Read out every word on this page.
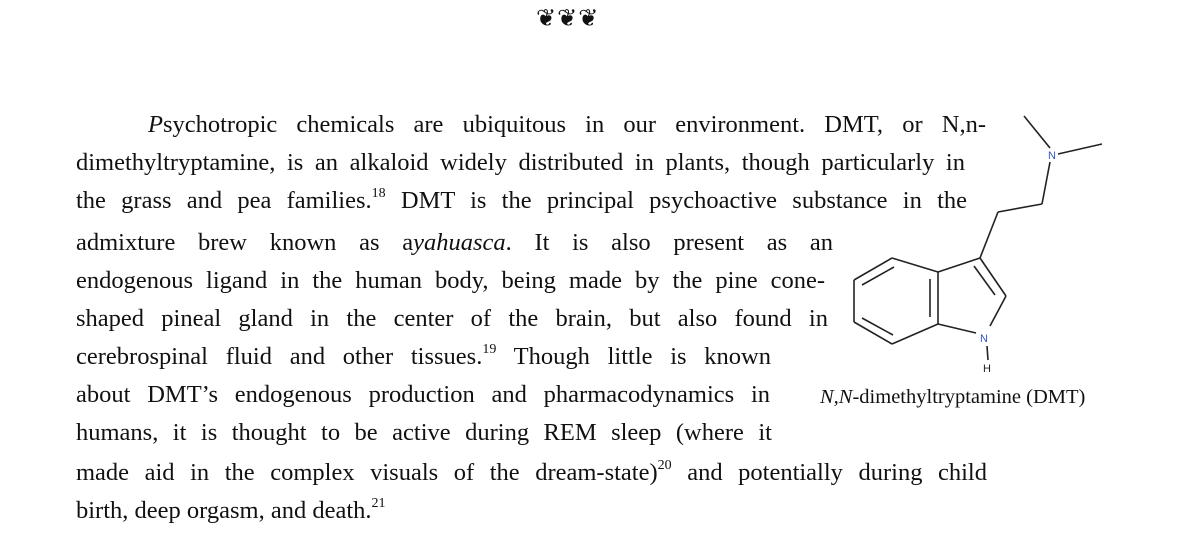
❦❦❦
Psychotropic chemicals are ubiquitous in our environment. DMT, or N,n-
dimethyltryptamine, is an alkaloid widely distributed in plants, though particularly in
the grass and pea families.$^{18}$ DMT is the principal psychoactive substance in the
admixture brew known as ayahuasca. It is also present as an
endogenous ligand in the human body, being made by the pine cone-
shaped pineal gland in the center of the brain, but also found in
cerebrospinal fluid and other tissues.$^{19}$ Though little is known
about DMT’s endogenous production and pharmacodynamics in
humans, it is thought to be active during REM sleep (where it
made aid in the complex visuals of the dream-state)$^{20}$ and potentially during child
birth, deep orgasm, and death.$^{21}$
N
N
H
N,N-dimethyltryptamine (DMT)
